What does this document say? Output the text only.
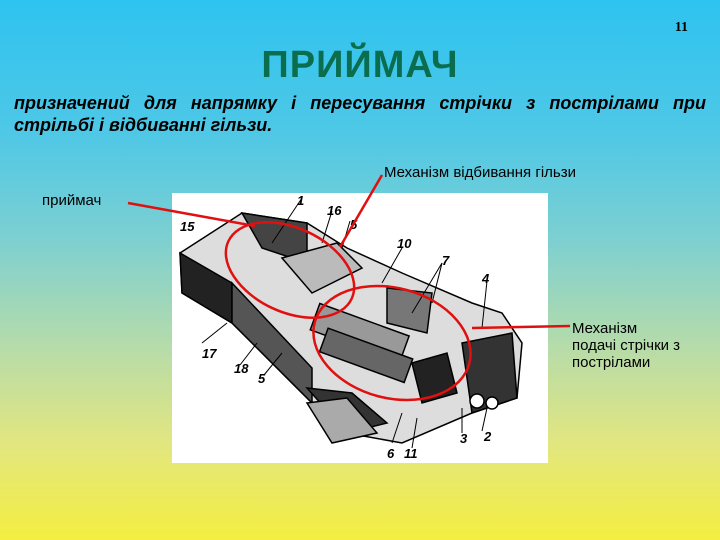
11
ПРИЙМАЧ
призначений для напрямку і пересування стрічки з пострілами при стрільбі і відбиванні гільзи.
Механізм відбивання гільзи
приймач
Механізм подачі стрічки з пострілами
1
2
3
4
5
5
6
7
10
11
15
16
17
18
